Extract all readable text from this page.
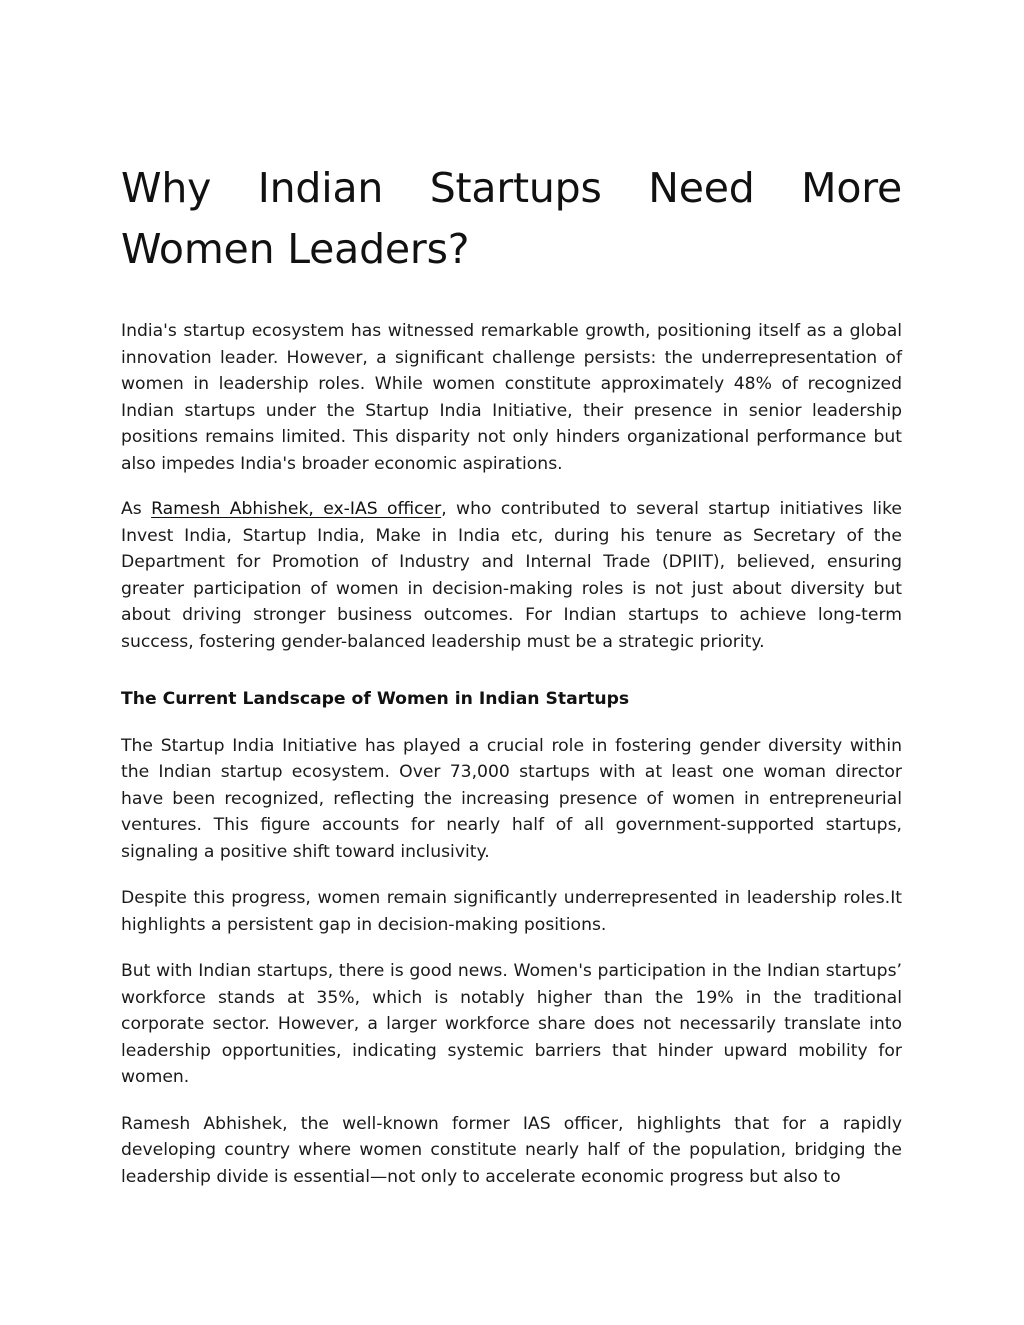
Why Indian Startups Need More Women Leaders?

India's startup ecosystem has witnessed remarkable growth, positioning itself as a global innovation leader. However, a significant challenge persists: the underrepresentation of women in leadership roles. While women constitute approximately 48% of recognized Indian startups under the Startup India Initiative, their presence in senior leadership positions remains limited. This disparity not only hinders organizational performance but also impedes India's broader economic aspirations.

As Ramesh Abhishek, ex-IAS officer, who contributed to several startup initiatives like Invest India, Startup India, Make in India etc, during his tenure as Secretary of the Department for Promotion of Industry and Internal Trade (DPIIT), believed, ensuring greater participation of women in decision-making roles is not just about diversity but about driving stronger business outcomes. For Indian startups to achieve long-term success, fostering gender-balanced leadership must be a strategic priority.

The Current Landscape of Women in Indian Startups

The Startup India Initiative has played a crucial role in fostering gender diversity within the Indian startup ecosystem. Over 73,000 startups with at least one woman director have been recognized, reflecting the increasing presence of women in entrepreneurial ventures. This figure accounts for nearly half of all government-supported startups, signaling a positive shift toward inclusivity.

Despite this progress, women remain significantly underrepresented in leadership roles.It highlights a persistent gap in decision-making positions.

But with Indian startups, there is good news. Women's participation in the Indian startups’ workforce stands at 35%, which is notably higher than the 19% in the traditional corporate sector. However, a larger workforce share does not necessarily translate into leadership opportunities, indicating systemic barriers that hinder upward mobility for women.

Ramesh Abhishek, the well-known former IAS officer, highlights that for a rapidly developing country where women constitute nearly half of the population, bridging the leadership divide is essential—not only to accelerate economic progress but also to
